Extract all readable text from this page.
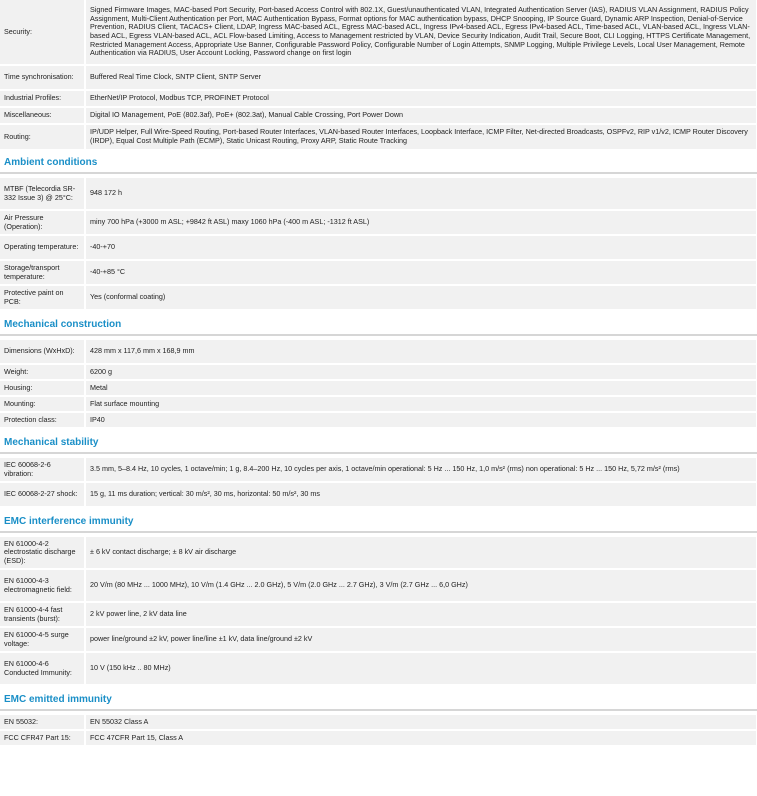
Security:	Signed Firmware Images, MAC-based Port Security, Port-based Access Control with 802.1X, Guest/unauthenticated VLAN, Integrated Authentication Server (IAS), RADIUS VLAN Assignment, RADIUS Policy Assignment, Multi-Client Authentication per Port, MAC Authentication Bypass, Format options for MAC authentication bypass, DHCP Snooping, IP Source Guard, Dynamic ARP Inspection, Denial-of-Service Prevention, RADIUS Client, TACACS+ Client, LDAP, Ingress MAC-based ACL, Egress MAC-based ACL, Ingress IPv4-based ACL, Egress IPv4-based ACL, Time-based ACL, VLAN-based ACL, Ingress VLAN-based ACL, Egress VLAN-based ACL, ACL Flow-based Limiting, Access to Management restricted by VLAN, Device Security Indication, Audit Trail, Secure Boot, CLI Logging, HTTPS Certificate Management, Restricted Management Access, Appropriate Use Banner, Configurable Password Policy, Configurable Number of Login Attempts, SNMP Logging, Multiple Privilege Levels, Local User Management, Remote Authentication via RADIUS, User Account Locking, Password change on first login
Time synchronisation:	Buffered Real Time Clock, SNTP Client, SNTP Server
Industrial Profiles:	EtherNet/IP Protocol, Modbus TCP, PROFINET Protocol
Miscellaneous:	Digital IO Management, PoE (802.3af), PoE+ (802.3at), Manual Cable Crossing, Port Power Down
Routing:	IP/UDP Helper, Full Wire-Speed Routing, Port-based Router Interfaces, VLAN-based Router Interfaces, Loopback Interface, ICMP Filter, Net-directed Broadcasts, OSPFv2, RIP v1/v2, ICMP Router Discovery (IRDP), Equal Cost Multiple Path (ECMP), Static Unicast Routing, Proxy ARP, Static Route Tracking
Ambient conditions
MTBF (Telecordia SR-332 Issue 3) @ 25°C:	948 172 h
Air Pressure (Operation):	miny 700 hPa (+3000 m ASL; +9842 ft ASL) maxy 1060 hPa (-400 m ASL; -1312 ft ASL)
Operating temperature:	-40-+70
Storage/transport temperature:	-40-+85 °C
Protective paint on PCB:	Yes (conformal coating)
Mechanical construction
Dimensions (WxHxD):	428 mm x 117,6 mm x 168,9 mm
Weight:	6200 g
Housing:	Metal
Mounting:	Flat surface mounting
Protection class:	IP40
Mechanical stability
IEC 60068-2-6 vibration:	3.5 mm, 5–8.4 Hz, 10 cycles, 1 octave/min; 1 g, 8.4–200 Hz, 10 cycles per axis, 1 octave/min operational: 5 Hz ... 150 Hz, 1,0 m/s² (rms) non operational: 5 Hz ... 150 Hz, 5,72 m/s² (rms)
IEC 60068-2-27 shock:	15 g, 11 ms duration; vertical: 30 m/s², 30 ms, horizontal: 50 m/s², 30 ms
EMC interference immunity
EN 61000-4-2 electrostatic discharge (ESD):	± 6 kV contact discharge; ± 8 kV air discharge
EN 61000-4-3 electromagnetic field:	20 V/m (80 MHz ... 1000 MHz), 10 V/m (1.4 GHz ... 2.0 GHz), 5 V/m (2.0 GHz ... 2.7 GHz), 3 V/m (2.7 GHz ... 6,0 GHz)
EN 61000-4-4 fast transients (burst):	2 kV power line, 2 kV data line
EN 61000-4-5 surge voltage:	power line/ground ±2 kV, power line/line ±1 kV, data line/ground ±2 kV
EN 61000-4-6 Conducted Immunity:	10 V (150 kHz .. 80 MHz)
EMC emitted immunity
EN 55032:	EN 55032 Class A
FCC CFR47 Part 15:	FCC 47CFR Part 15, Class A
